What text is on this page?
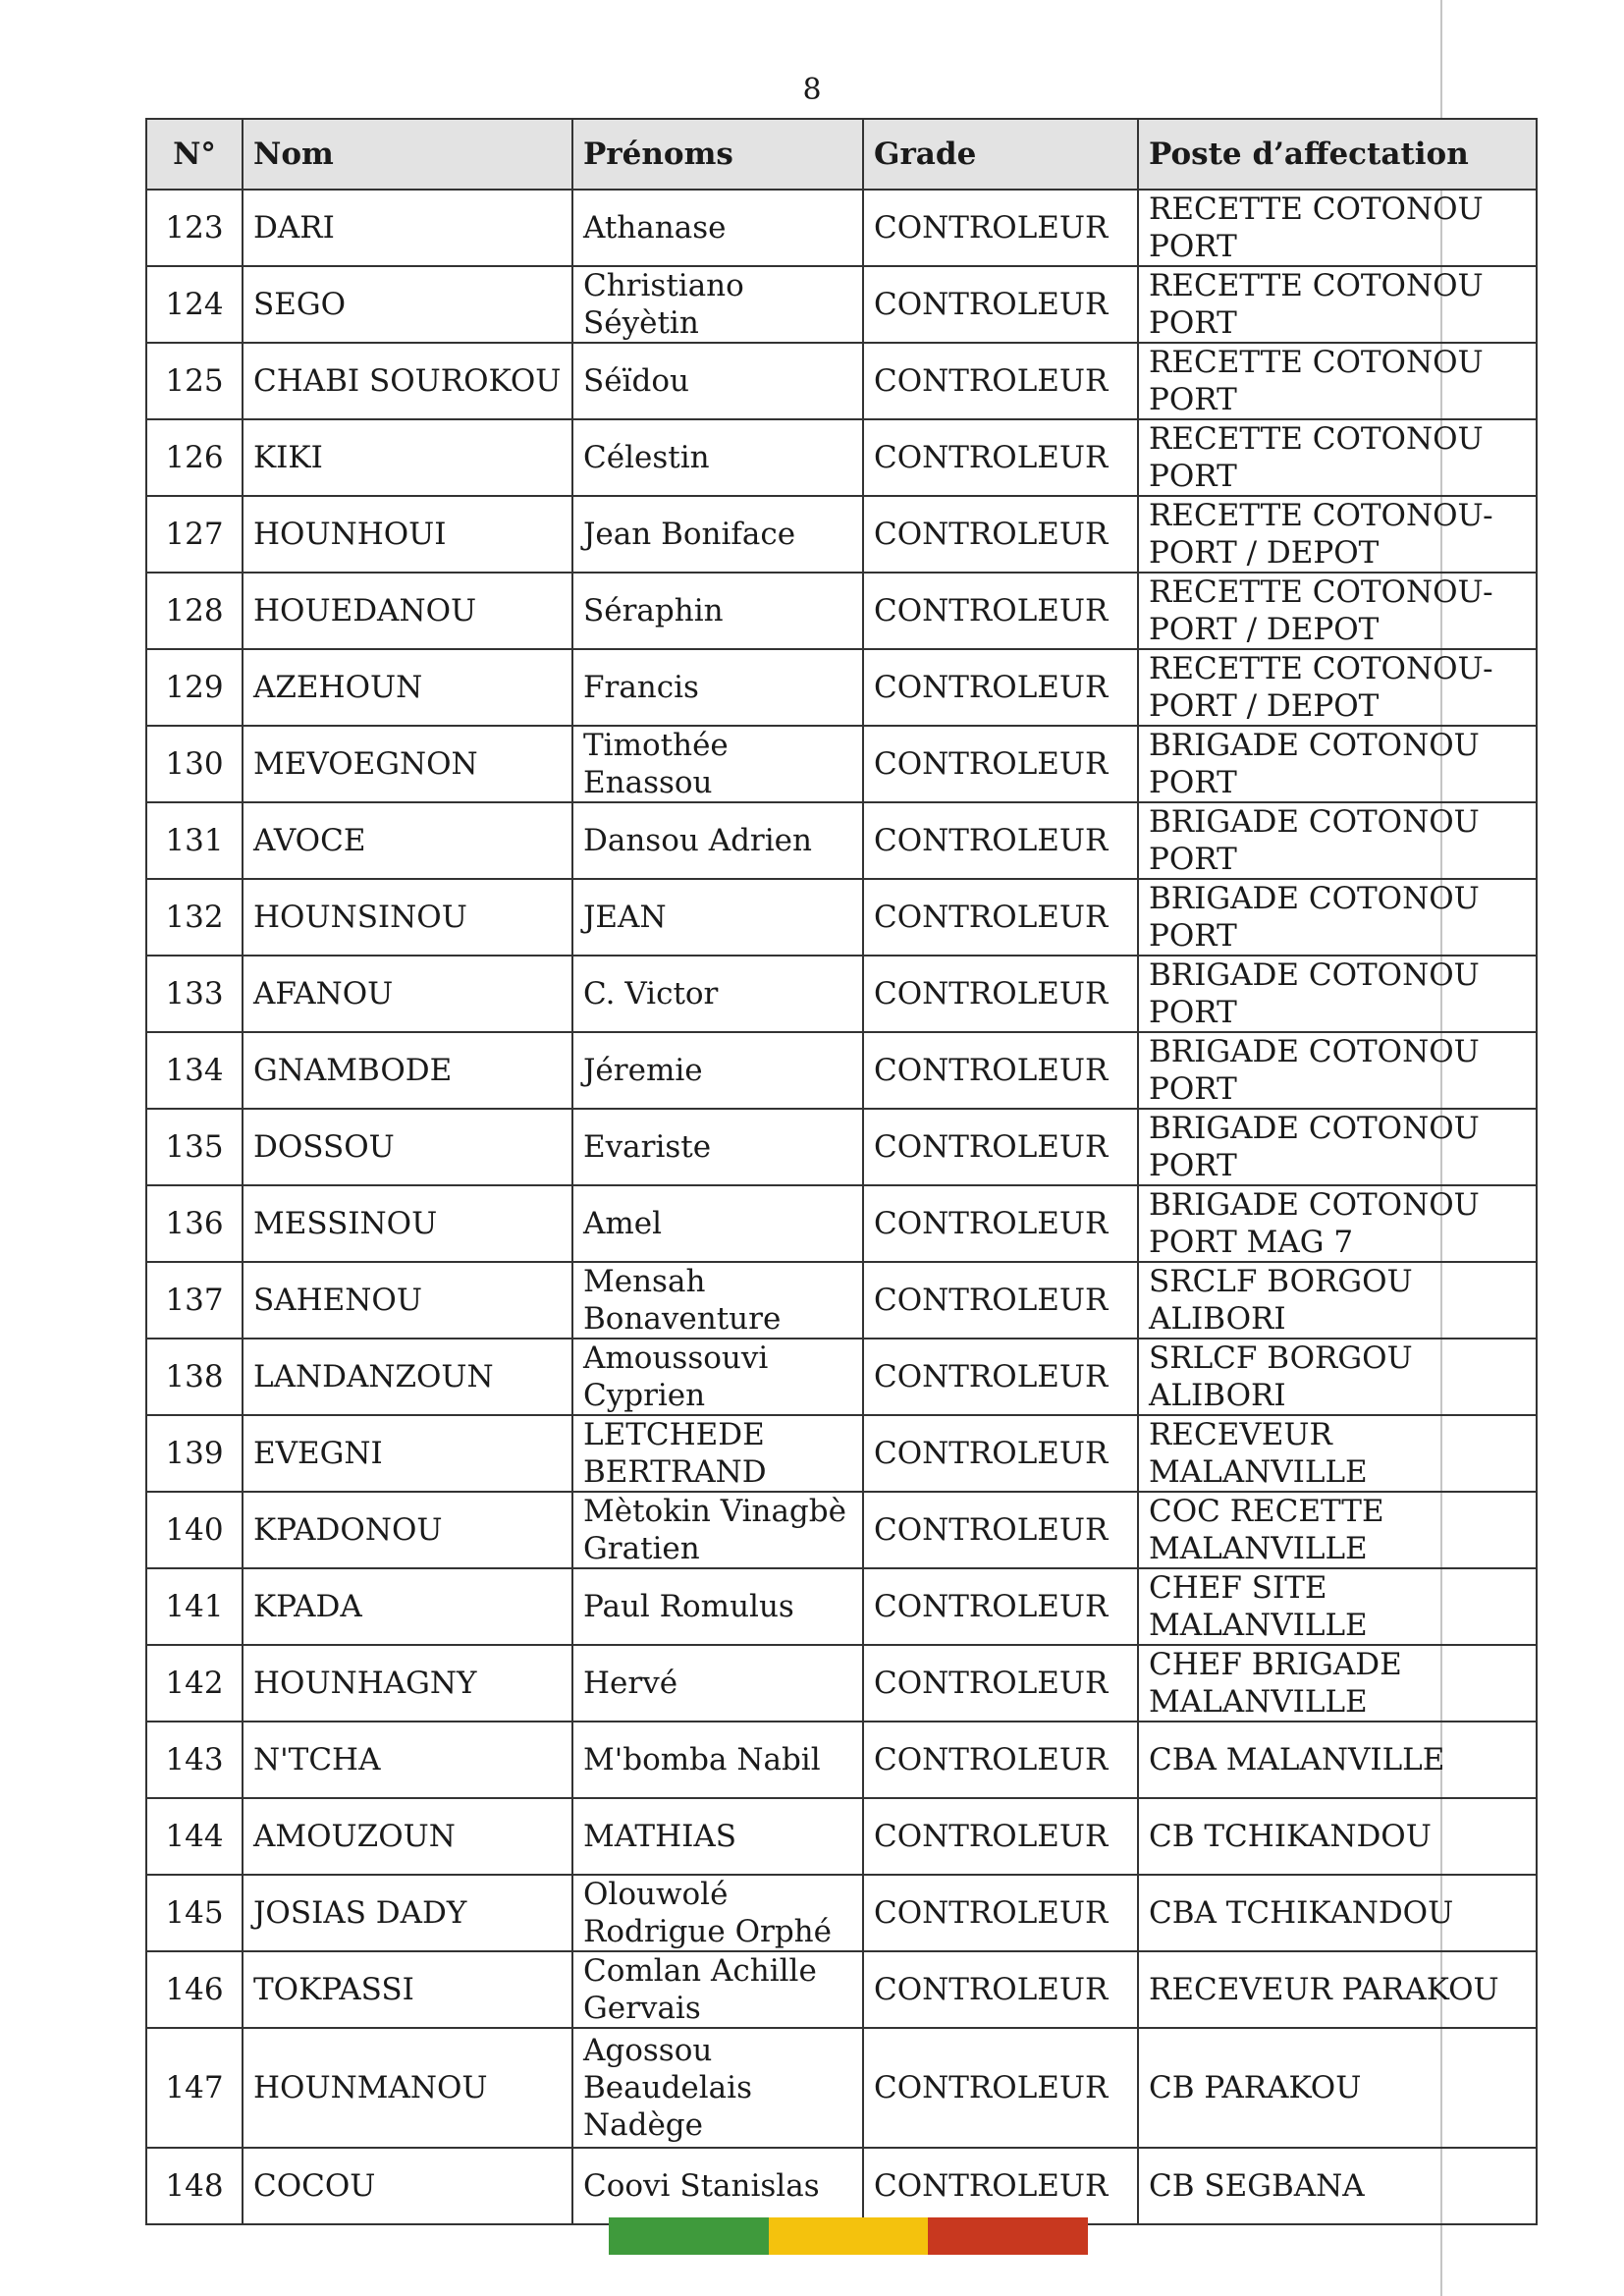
8
N°	Nom	Prénoms	Grade	Poste d’affectation
123	DARI	Athanase	CONTROLEUR	RECETTE COTONOU PORT
124	SEGO	Christiano Séyètin	CONTROLEUR	RECETTE COTONOU PORT
125	CHABI SOUROKOU	Séïdou	CONTROLEUR	RECETTE COTONOU PORT
126	KIKI	Célestin	CONTROLEUR	RECETTE COTONOU PORT
127	HOUNHOUI	Jean Boniface	CONTROLEUR	RECETTE COTONOU-PORT / DEPOT
128	HOUEDANOU	Séraphin	CONTROLEUR	RECETTE COTONOU-PORT / DEPOT
129	AZEHOUN	Francis	CONTROLEUR	RECETTE COTONOU-PORT / DEPOT
130	MEVOEGNON	Timothée Enassou	CONTROLEUR	BRIGADE COTONOU PORT
131	AVOCE	Dansou Adrien	CONTROLEUR	BRIGADE COTONOU PORT
132	HOUNSINOU	JEAN	CONTROLEUR	BRIGADE COTONOU PORT
133	AFANOU	C. Victor	CONTROLEUR	BRIGADE COTONOU PORT
134	GNAMBODE	Jéremie	CONTROLEUR	BRIGADE COTONOU PORT
135	DOSSOU	Evariste	CONTROLEUR	BRIGADE COTONOU PORT
136	MESSINOU	Amel	CONTROLEUR	BRIGADE COTONOU PORT MAG 7
137	SAHENOU	Mensah Bonaventure	CONTROLEUR	SRCLF BORGOU ALIBORI
138	LANDANZOUN	Amoussouvi Cyprien	CONTROLEUR	SRLCF BORGOU ALIBORI
139	EVEGNI	LETCHEDE BERTRAND	CONTROLEUR	RECEVEUR MALANVILLE
140	KPADONOU	Mètokin Vinagbè Gratien	CONTROLEUR	COC RECETTE MALANVILLE
141	KPADA	Paul Romulus	CONTROLEUR	CHEF SITE MALANVILLE
142	HOUNHAGNY	Hervé	CONTROLEUR	CHEF BRIGADE MALANVILLE
143	N'TCHA	M'bomba Nabil	CONTROLEUR	CBA MALANVILLE
144	AMOUZOUN	MATHIAS	CONTROLEUR	CB TCHIKANDOU
145	JOSIAS DADY	Olouwolé Rodrigue Orphé	CONTROLEUR	CBA TCHIKANDOU
146	TOKPASSI	Comlan Achille Gervais	CONTROLEUR	RECEVEUR PARAKOU
147	HOUNMANOU	Agossou Beaudelais Nadège	CONTROLEUR	CB PARAKOU
148	COCOU	Coovi Stanislas	CONTROLEUR	CB SEGBANA
